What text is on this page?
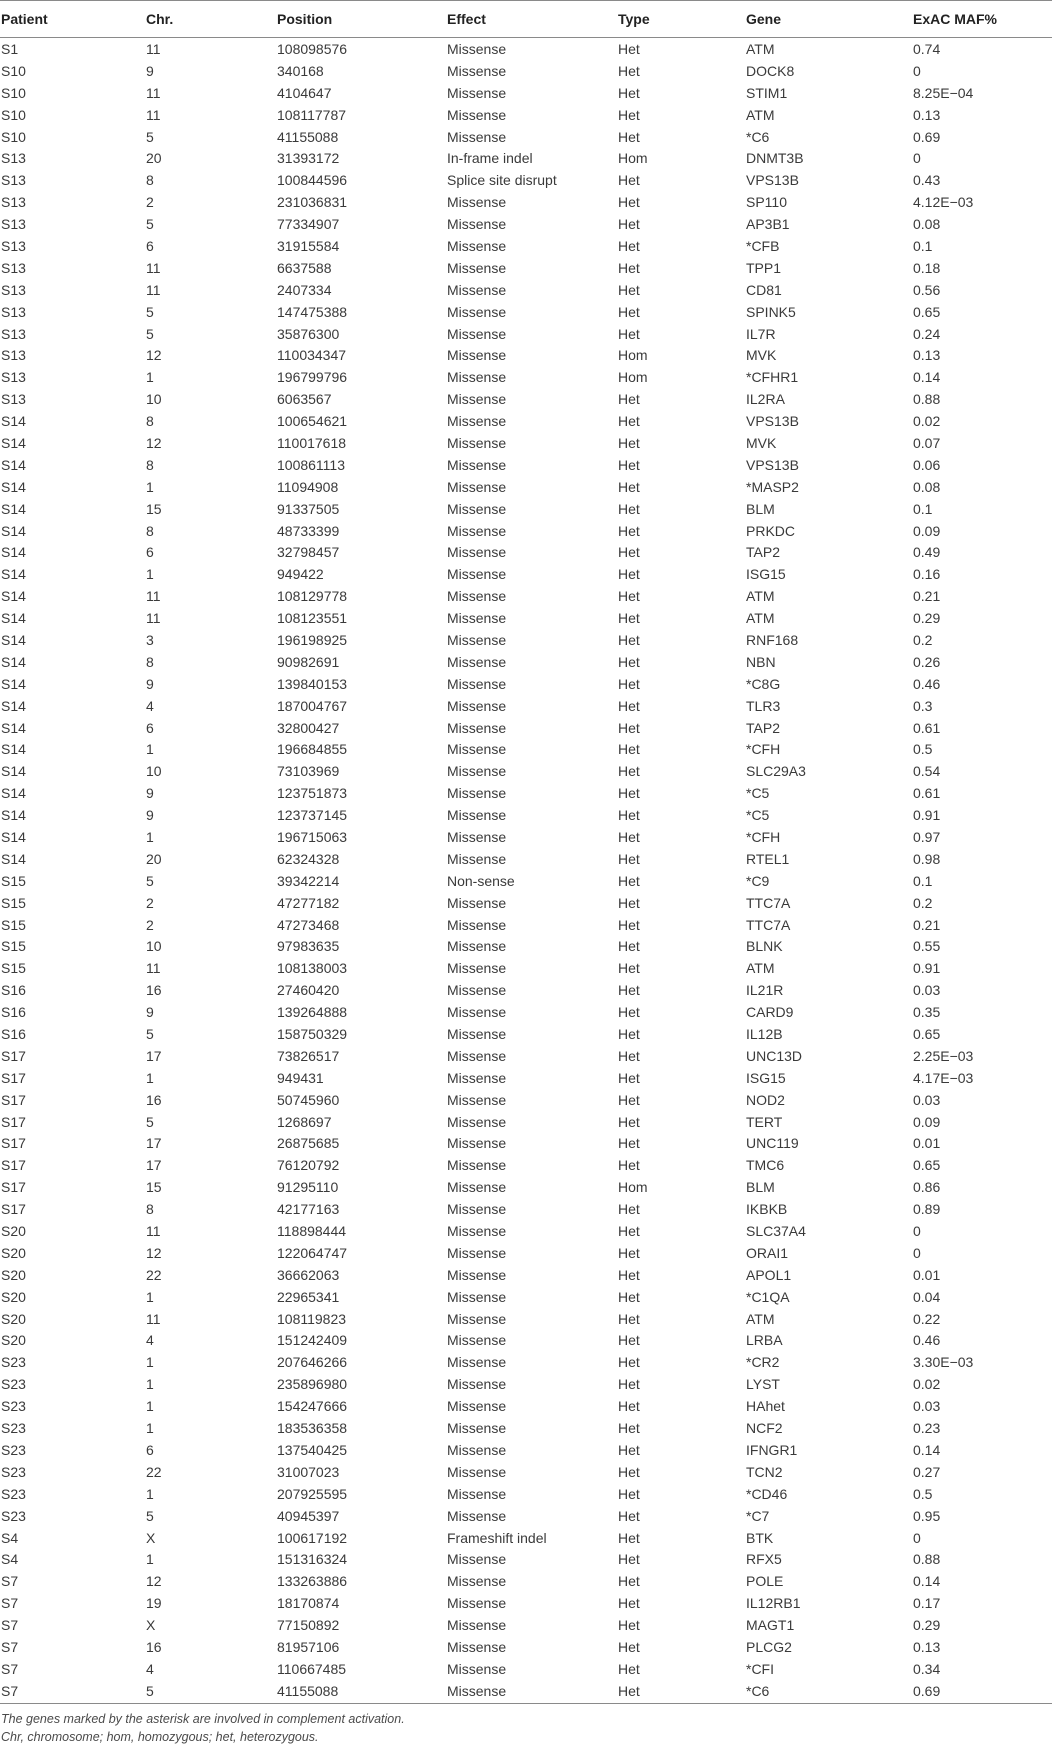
Patient	Chr.	Position	Effect	Type	Gene	ExAC MAF%
S1	11	108098576	Missense	Het	ATM	0.74
S10	9	340168	Missense	Het	DOCK8	0
S10	11	4104647	Missense	Het	STIM1	8.25E−04
S10	11	108117787	Missense	Het	ATM	0.13
S10	5	41155088	Missense	Het	*C6	0.69
S13	20	31393172	In-frame indel	Hom	DNMT3B	0
S13	8	100844596	Splice site disrupt	Het	VPS13B	0.43
S13	2	231036831	Missense	Het	SP110	4.12E−03
S13	5	77334907	Missense	Het	AP3B1	0.08
S13	6	31915584	Missense	Het	*CFB	0.1
S13	11	6637588	Missense	Het	TPP1	0.18
S13	11	2407334	Missense	Het	CD81	0.56
S13	5	147475388	Missense	Het	SPINK5	0.65
S13	5	35876300	Missense	Het	IL7R	0.24
S13	12	110034347	Missense	Hom	MVK	0.13
S13	1	196799796	Missense	Hom	*CFHR1	0.14
S13	10	6063567	Missense	Het	IL2RA	0.88
S14	8	100654621	Missense	Het	VPS13B	0.02
S14	12	110017618	Missense	Het	MVK	0.07
S14	8	100861113	Missense	Het	VPS13B	0.06
S14	1	11094908	Missense	Het	*MASP2	0.08
S14	15	91337505	Missense	Het	BLM	0.1
S14	8	48733399	Missense	Het	PRKDC	0.09
S14	6	32798457	Missense	Het	TAP2	0.49
S14	1	949422	Missense	Het	ISG15	0.16
S14	11	108129778	Missense	Het	ATM	0.21
S14	11	108123551	Missense	Het	ATM	0.29
S14	3	196198925	Missense	Het	RNF168	0.2
S14	8	90982691	Missense	Het	NBN	0.26
S14	9	139840153	Missense	Het	*C8G	0.46
S14	4	187004767	Missense	Het	TLR3	0.3
S14	6	32800427	Missense	Het	TAP2	0.61
S14	1	196684855	Missense	Het	*CFH	0.5
S14	10	73103969	Missense	Het	SLC29A3	0.54
S14	9	123751873	Missense	Het	*C5	0.61
S14	9	123737145	Missense	Het	*C5	0.91
S14	1	196715063	Missense	Het	*CFH	0.97
S14	20	62324328	Missense	Het	RTEL1	0.98
S15	5	39342214	Non-sense	Het	*C9	0.1
S15	2	47277182	Missense	Het	TTC7A	0.2
S15	2	47273468	Missense	Het	TTC7A	0.21
S15	10	97983635	Missense	Het	BLNK	0.55
S15	11	108138003	Missense	Het	ATM	0.91
S16	16	27460420	Missense	Het	IL21R	0.03
S16	9	139264888	Missense	Het	CARD9	0.35
S16	5	158750329	Missense	Het	IL12B	0.65
S17	17	73826517	Missense	Het	UNC13D	2.25E−03
S17	1	949431	Missense	Het	ISG15	4.17E−03
S17	16	50745960	Missense	Het	NOD2	0.03
S17	5	1268697	Missense	Het	TERT	0.09
S17	17	26875685	Missense	Het	UNC119	0.01
S17	17	76120792	Missense	Het	TMC6	0.65
S17	15	91295110	Missense	Hom	BLM	0.86
S17	8	42177163	Missense	Het	IKBKB	0.89
S20	11	118898444	Missense	Het	SLC37A4	0
S20	12	122064747	Missense	Het	ORAI1	0
S20	22	36662063	Missense	Het	APOL1	0.01
S20	1	22965341	Missense	Het	*C1QA	0.04
S20	11	108119823	Missense	Het	ATM	0.22
S20	4	151242409	Missense	Het	LRBA	0.46
S23	1	207646266	Missense	Het	*CR2	3.30E−03
S23	1	235896980	Missense	Het	LYST	0.02
S23	1	154247666	Missense	Het	HAhet	0.03
S23	1	183536358	Missense	Het	NCF2	0.23
S23	6	137540425	Missense	Het	IFNGR1	0.14
S23	22	31007023	Missense	Het	TCN2	0.27
S23	1	207925595	Missense	Het	*CD46	0.5
S23	5	40945397	Missense	Het	*C7	0.95
S4	X	100617192	Frameshift indel	Het	BTK	0
S4	1	151316324	Missense	Het	RFX5	0.88
S7	12	133263886	Missense	Het	POLE	0.14
S7	19	18170874	Missense	Het	IL12RB1	0.17
S7	X	77150892	Missense	Het	MAGT1	0.29
S7	16	81957106	Missense	Het	PLCG2	0.13
S7	4	110667485	Missense	Het	*CFI	0.34
S7	5	41155088	Missense	Het	*C6	0.69
The genes marked by the asterisk are involved in complement activation.
Chr, chromosome; hom, homozygous; het, heterozygous.
